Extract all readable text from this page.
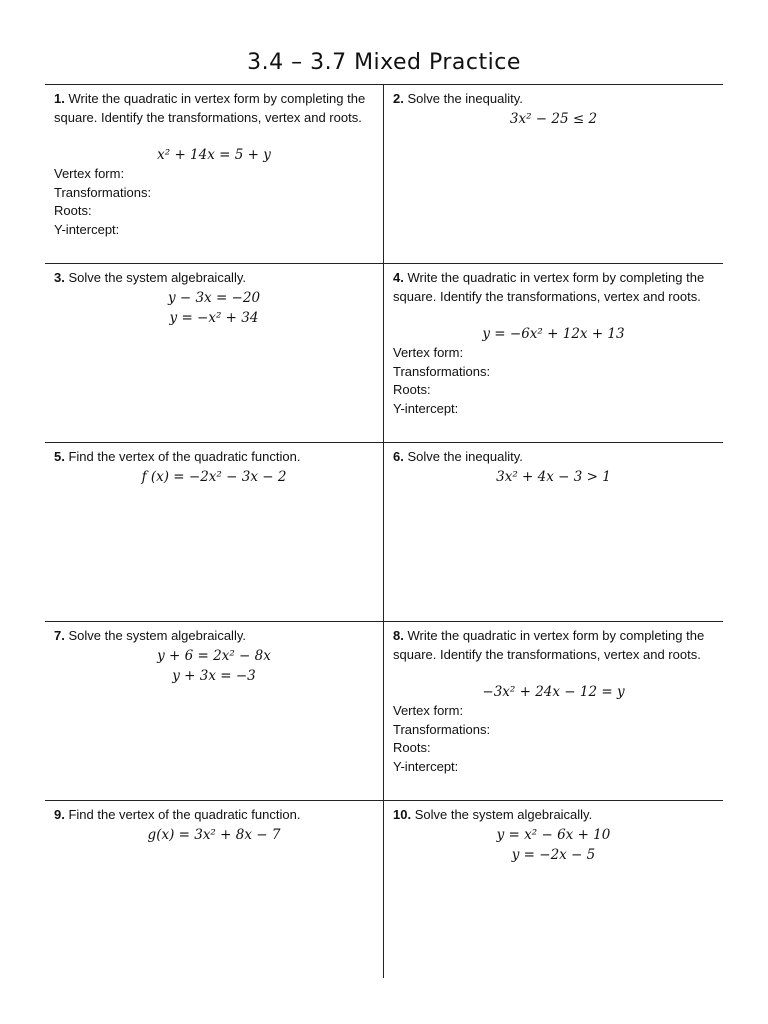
3.4 – 3.7 Mixed Practice
1. Write the quadratic in vertex form by completing the square. Identify the transformations, vertex and roots.
x² + 14x = 5 + y
Vertex form:
Transformations:
Roots:
Y-intercept:
2. Solve the inequality.
3x² − 25 ≤ 2
3. Solve the system algebraically.
y − 3x = −20
y = −x² + 34
4. Write the quadratic in vertex form by completing the square. Identify the transformations, vertex and roots.
y = −6x² + 12x + 13
Vertex form:
Transformations:
Roots:
Y-intercept:
5. Find the vertex of the quadratic function.
f (x) = −2x² − 3x − 2
6. Solve the inequality.
3x² + 4x − 3 > 1
7. Solve the system algebraically.
y + 6 = 2x² − 8x
y + 3x = −3
8. Write the quadratic in vertex form by completing the square. Identify the transformations, vertex and roots.
−3x² + 24x − 12 = y
Vertex form:
Transformations:
Roots:
Y-intercept:
9. Find the vertex of the quadratic function.
g(x) = 3x² + 8x − 7
10. Solve the system algebraically.
y = x² − 6x + 10
y = −2x − 5
